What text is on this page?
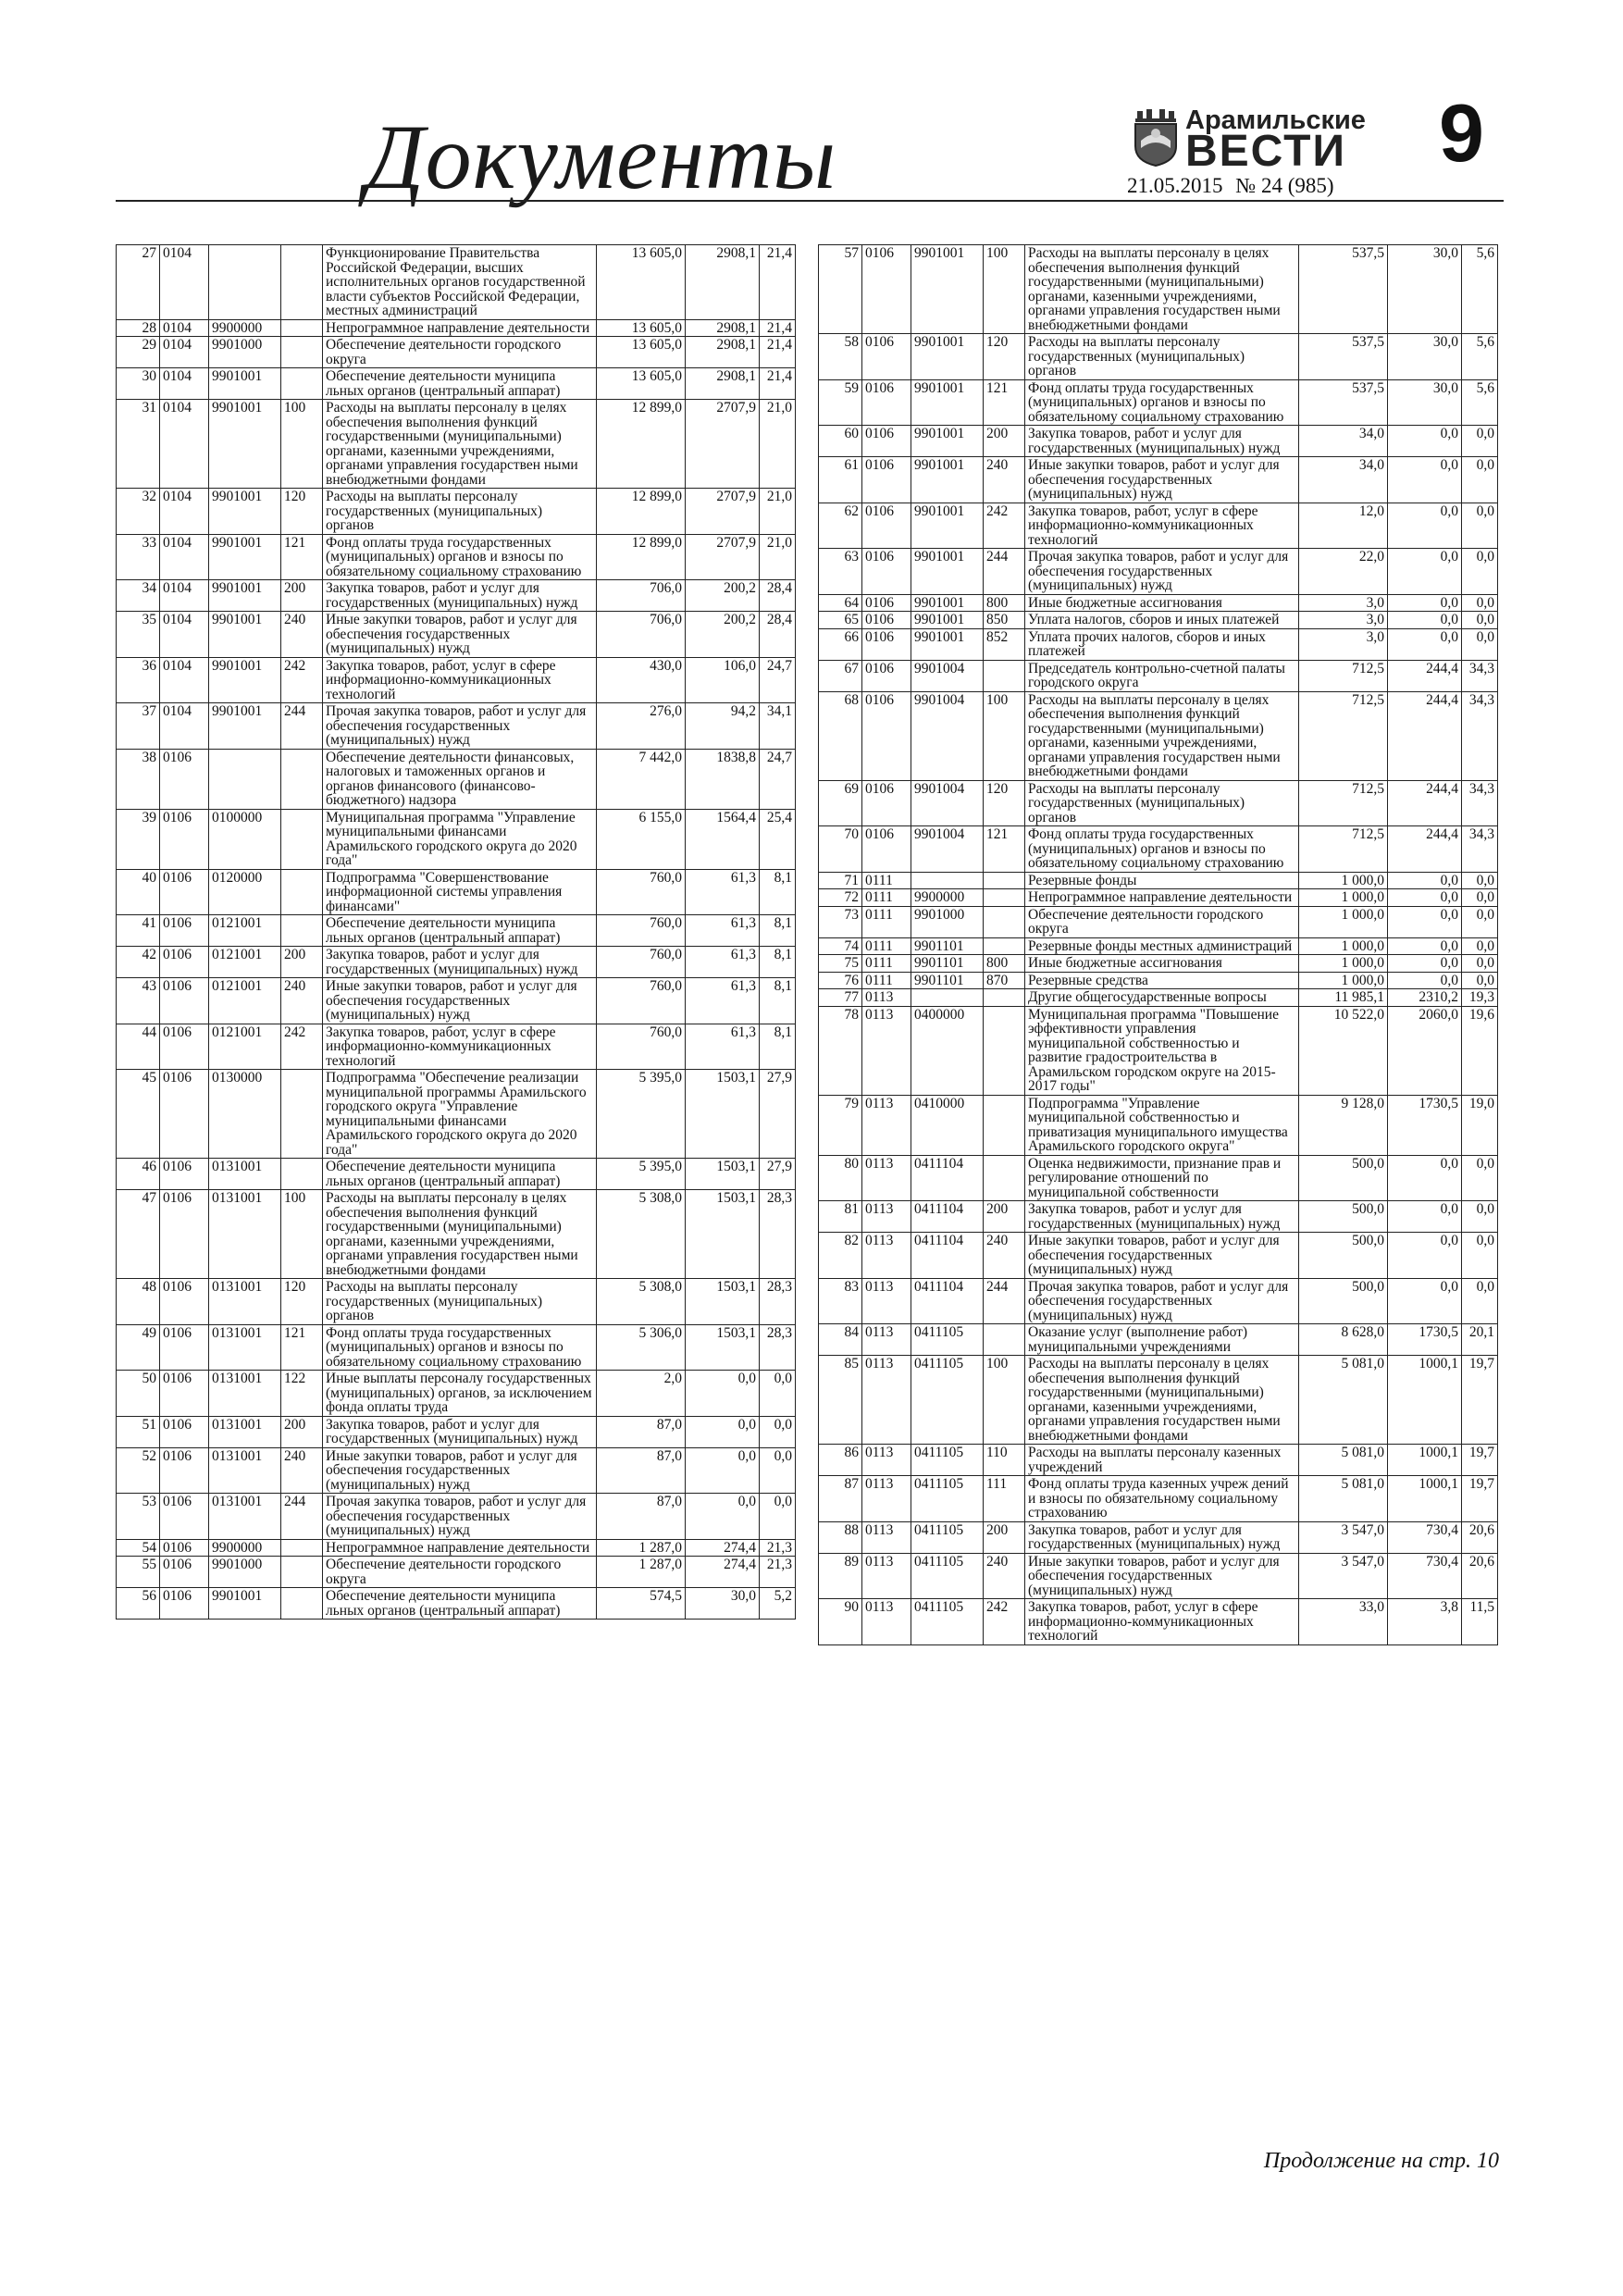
Документы	Арамильские
ВЕСТИ
21.05.2015 № 24 (985)
9
27	0104			Функционирование Правительства Российской Федерации, высших исполнительных органов государственной власти субъектов Российской Федерации, местных администраций	13 605,0	2908,1	21,4
28	0104	9900000		Непрограммное направление деятельности	13 605,0	2908,1	21,4
29	0104	9901000		Обеспечение деятельности городского округа	13 605,0	2908,1	21,4
30	0104	9901001		Обеспечение деятельности муниципа льных органов (центральный аппарат)	13 605,0	2908,1	21,4
31	0104	9901001	100	Расходы на выплаты персоналу в целях обеспечения выполнения функций государственными (муниципальными) органами, казенными учреждениями, органами управления государствен ными внебюджетными фондами	12 899,0	2707,9	21,0
32	0104	9901001	120	Расходы на выплаты персоналу государственных (муниципальных) органов	12 899,0	2707,9	21,0
33	0104	9901001	121	Фонд оплаты труда государственных (муниципальных) органов и взносы по обязательному социальному страхованию	12 899,0	2707,9	21,0
34	0104	9901001	200	Закупка товаров, работ и услуг для государственных (муниципальных) нужд	706,0	200,2	28,4
35	0104	9901001	240	Иные закупки товаров, работ и услуг для обеспечения государственных (муниципальных) нужд	706,0	200,2	28,4
36	0104	9901001	242	Закупка товаров, работ, услуг в сфере информационно-коммуникационных технологий	430,0	106,0	24,7
37	0104	9901001	244	Прочая закупка товаров, работ и услуг для обеспечения государственных (муниципальных) нужд	276,0	94,2	34,1
38	0106			Обеспечение деятельности финансовых, налоговых и таможенных органов и органов финансового (финансово-бюджетного) надзора	7 442,0	1838,8	24,7
39	0106	0100000		Муниципальная программа "Управление муниципальными финансами Арамильского городского округа до 2020 года"	6 155,0	1564,4	25,4
40	0106	0120000		Подпрограмма "Совершенствование информационной системы управления финансами"	760,0	61,3	8,1
41	0106	0121001		Обеспечение деятельности муниципа льных органов (центральный аппарат)	760,0	61,3	8,1
42	0106	0121001	200	Закупка товаров, работ и услуг для государственных (муниципальных) нужд	760,0	61,3	8,1
43	0106	0121001	240	Иные закупки товаров, работ и услуг для обеспечения государственных (муниципальных) нужд	760,0	61,3	8,1
44	0106	0121001	242	Закупка товаров, работ, услуг в сфере информационно-коммуникационных технологий	760,0	61,3	8,1
45	0106	0130000		Подпрограмма "Обеспечение реализации муниципальной программы Арамильского городского округа "Управление муниципальными финансами Арамильского городского округа до 2020 года"	5 395,0	1503,1	27,9
46	0106	0131001		Обеспечение деятельности муниципа льных органов (центральный аппарат)	5 395,0	1503,1	27,9
47	0106	0131001	100	Расходы на выплаты персоналу в целях обеспечения выполнения функций государственными (муниципальными) органами, казенными учреждениями, органами управления государствен ными внебюджетными фондами	5 308,0	1503,1	28,3
48	0106	0131001	120	Расходы на выплаты персоналу государственных (муниципальных) органов	5 308,0	1503,1	28,3
49	0106	0131001	121	Фонд оплаты труда государственных (муниципальных) органов и взносы по обязательному социальному страхованию	5 306,0	1503,1	28,3
50	0106	0131001	122	Иные выплаты персоналу государственных (муниципальных) органов, за исключением фонда оплаты труда	2,0	0,0	0,0
51	0106	0131001	200	Закупка товаров, работ и услуг для государственных (муниципальных) нужд	87,0	0,0	0,0
52	0106	0131001	240	Иные закупки товаров, работ и услуг для обеспечения государственных (муниципальных) нужд	87,0	0,0	0,0
53	0106	0131001	244	Прочая закупка товаров, работ и услуг для обеспечения государственных (муниципальных) нужд	87,0	0,0	0,0
54	0106	9900000		Непрограммное направление деятельности	1 287,0	274,4	21,3
55	0106	9901000		Обеспечение деятельности городского округа	1 287,0	274,4	21,3
56	0106	9901001		Обеспечение деятельности муниципа льных органов (центральный аппарат)	574,5	30,0	5,2
57	0106	9901001	100	Расходы на выплаты персоналу в целях обеспечения выполнения функций государственными (муниципальными) органами, казенными учреждениями, органами управления государствен ными внебюджетными фондами	537,5	30,0	5,6
58	0106	9901001	120	Расходы на выплаты персоналу государственных (муниципальных) органов	537,5	30,0	5,6
59	0106	9901001	121	Фонд оплаты труда государственных (муниципальных) органов и взносы по обязательному социальному страхованию	537,5	30,0	5,6
60	0106	9901001	200	Закупка товаров, работ и услуг для государственных (муниципальных) нужд	34,0	0,0	0,0
61	0106	9901001	240	Иные закупки товаров, работ и услуг для обеспечения государственных (муниципальных) нужд	34,0	0,0	0,0
62	0106	9901001	242	Закупка товаров, работ, услуг в сфере информационно-коммуникационных технологий	12,0	0,0	0,0
63	0106	9901001	244	Прочая закупка товаров, работ и услуг для обеспечения государственных (муниципальных) нужд	22,0	0,0	0,0
64	0106	9901001	800	Иные бюджетные ассигнования	3,0	0,0	0,0
65	0106	9901001	850	Уплата налогов, сборов и иных платежей	3,0	0,0	0,0
66	0106	9901001	852	Уплата прочих налогов, сборов и иных платежей	3,0	0,0	0,0
67	0106	9901004		Председатель контрольно-счетной палаты городского округа	712,5	244,4	34,3
68	0106	9901004	100	Расходы на выплаты персоналу в целях обеспечения выполнения функций государственными (муниципальными) органами, казенными учреждениями, органами управления государствен ными внебюджетными фондами	712,5	244,4	34,3
69	0106	9901004	120	Расходы на выплаты персоналу государственных (муниципальных) органов	712,5	244,4	34,3
70	0106	9901004	121	Фонд оплаты труда государственных (муниципальных) органов и взносы по обязательному социальному страхованию	712,5	244,4	34,3
71	0111			Резервные фонды	1 000,0	0,0	0,0
72	0111	9900000		Непрограммное направление деятельности	1 000,0	0,0	0,0
73	0111	9901000		Обеспечение деятельности городского округа	1 000,0	0,0	0,0
74	0111	9901101		Резервные фонды местных администраций	1 000,0	0,0	0,0
75	0111	9901101	800	Иные бюджетные ассигнования	1 000,0	0,0	0,0
76	0111	9901101	870	Резервные средства	1 000,0	0,0	0,0
77	0113			Другие общегосударственные вопросы	11 985,1	2310,2	19,3
78	0113	0400000		Муниципальная программа "Повышение эффективности управления муниципальной собственностью и развитие градостроительства в Арамильском городском округе на 2015-2017 годы"	10 522,0	2060,0	19,6
79	0113	0410000		Подпрограмма "Управление муниципальной собственностью и приватизация муниципального имущества Арамильского городского округа"	9 128,0	1730,5	19,0
80	0113	0411104		Оценка недвижимости, признание прав и регулирование отношений по муниципальной собственности	500,0	0,0	0,0
81	0113	0411104	200	Закупка товаров, работ и услуг для государственных (муниципальных) нужд	500,0	0,0	0,0
82	0113	0411104	240	Иные закупки товаров, работ и услуг для обеспечения государственных (муниципальных) нужд	500,0	0,0	0,0
83	0113	0411104	244	Прочая закупка товаров, работ и услуг для обеспечения государственных (муниципальных) нужд	500,0	0,0	0,0
84	0113	0411105		Оказание услуг (выполнение работ) муниципальными учреждениями	8 628,0	1730,5	20,1
85	0113	0411105	100	Расходы на выплаты персоналу в целях обеспечения выполнения функций государственными (муниципальными) органами, казенными учреждениями, органами управления государствен ными внебюджетными фондами	5 081,0	1000,1	19,7
86	0113	0411105	110	Расходы на выплаты персоналу казенных учреждений	5 081,0	1000,1	19,7
87	0113	0411105	111	Фонд оплаты труда казенных учреж дений и взносы по обязательному социальному страхованию	5 081,0	1000,1	19,7
88	0113	0411105	200	Закупка товаров, работ и услуг для государственных (муниципальных) нужд	3 547,0	730,4	20,6
89	0113	0411105	240	Иные закупки товаров, работ и услуг для обеспечения государственных (муниципальных) нужд	3 547,0	730,4	20,6
90	0113	0411105	242	Закупка товаров, работ, услуг в сфере информационно-коммуникационных технологий	33,0	3,8	11,5
Продолжение на стр. 10
